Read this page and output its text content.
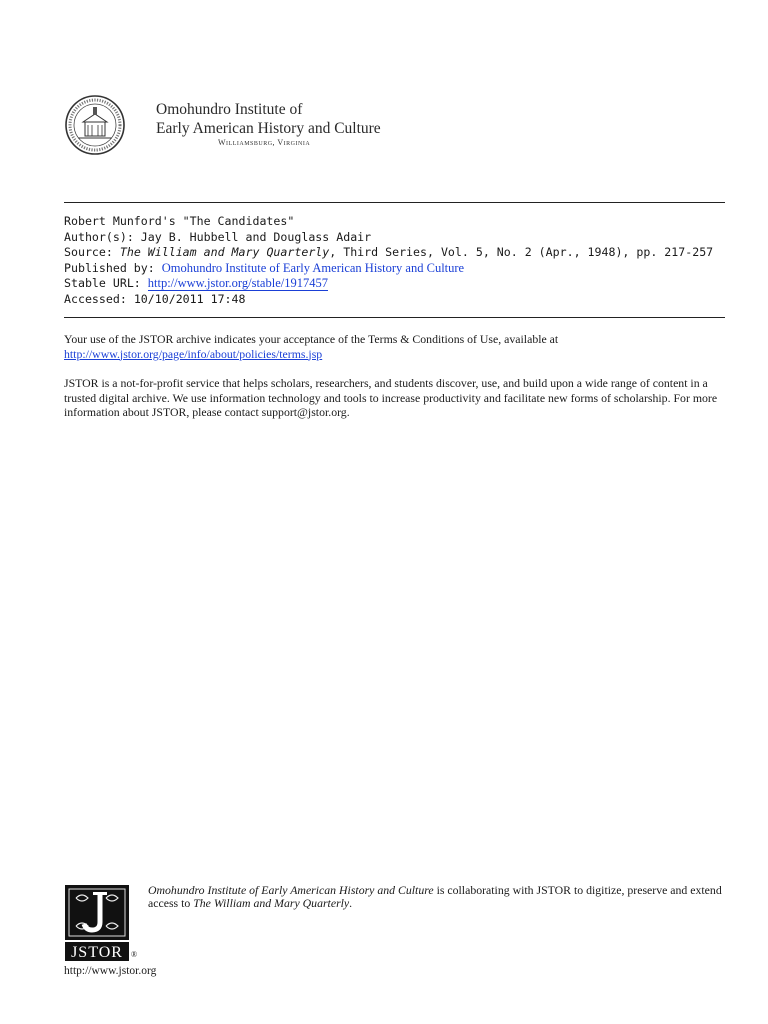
Omohundro Institute of
Early American History and Culture
Williamsburg, Virginia
Robert Munford's "The Candidates"
Author(s): Jay B. Hubbell and Douglass Adair
Source: The William and Mary Quarterly, Third Series, Vol. 5, No. 2 (Apr., 1948), pp. 217-257
Published by: Omohundro Institute of Early American History and Culture
Stable URL: http://www.jstor.org/stable/1917457
Accessed: 10/10/2011 17:48

Your use of the JSTOR archive indicates your acceptance of the Terms & Conditions of Use, available at
http://www.jstor.org/page/info/about/policies/terms.jsp

JSTOR is a not-for-profit service that helps scholars, researchers, and students discover, use, and build upon a wide range of content in a trusted digital archive. We use information technology and tools to increase productivity and facilitate new forms of scholarship. For more information about JSTOR, please contact support@jstor.org.

JSTOR ®
Omohundro Institute of Early American History and Culture is collaborating with JSTOR to digitize, preserve and extend access to The William and Mary Quarterly.
http://www.jstor.org
